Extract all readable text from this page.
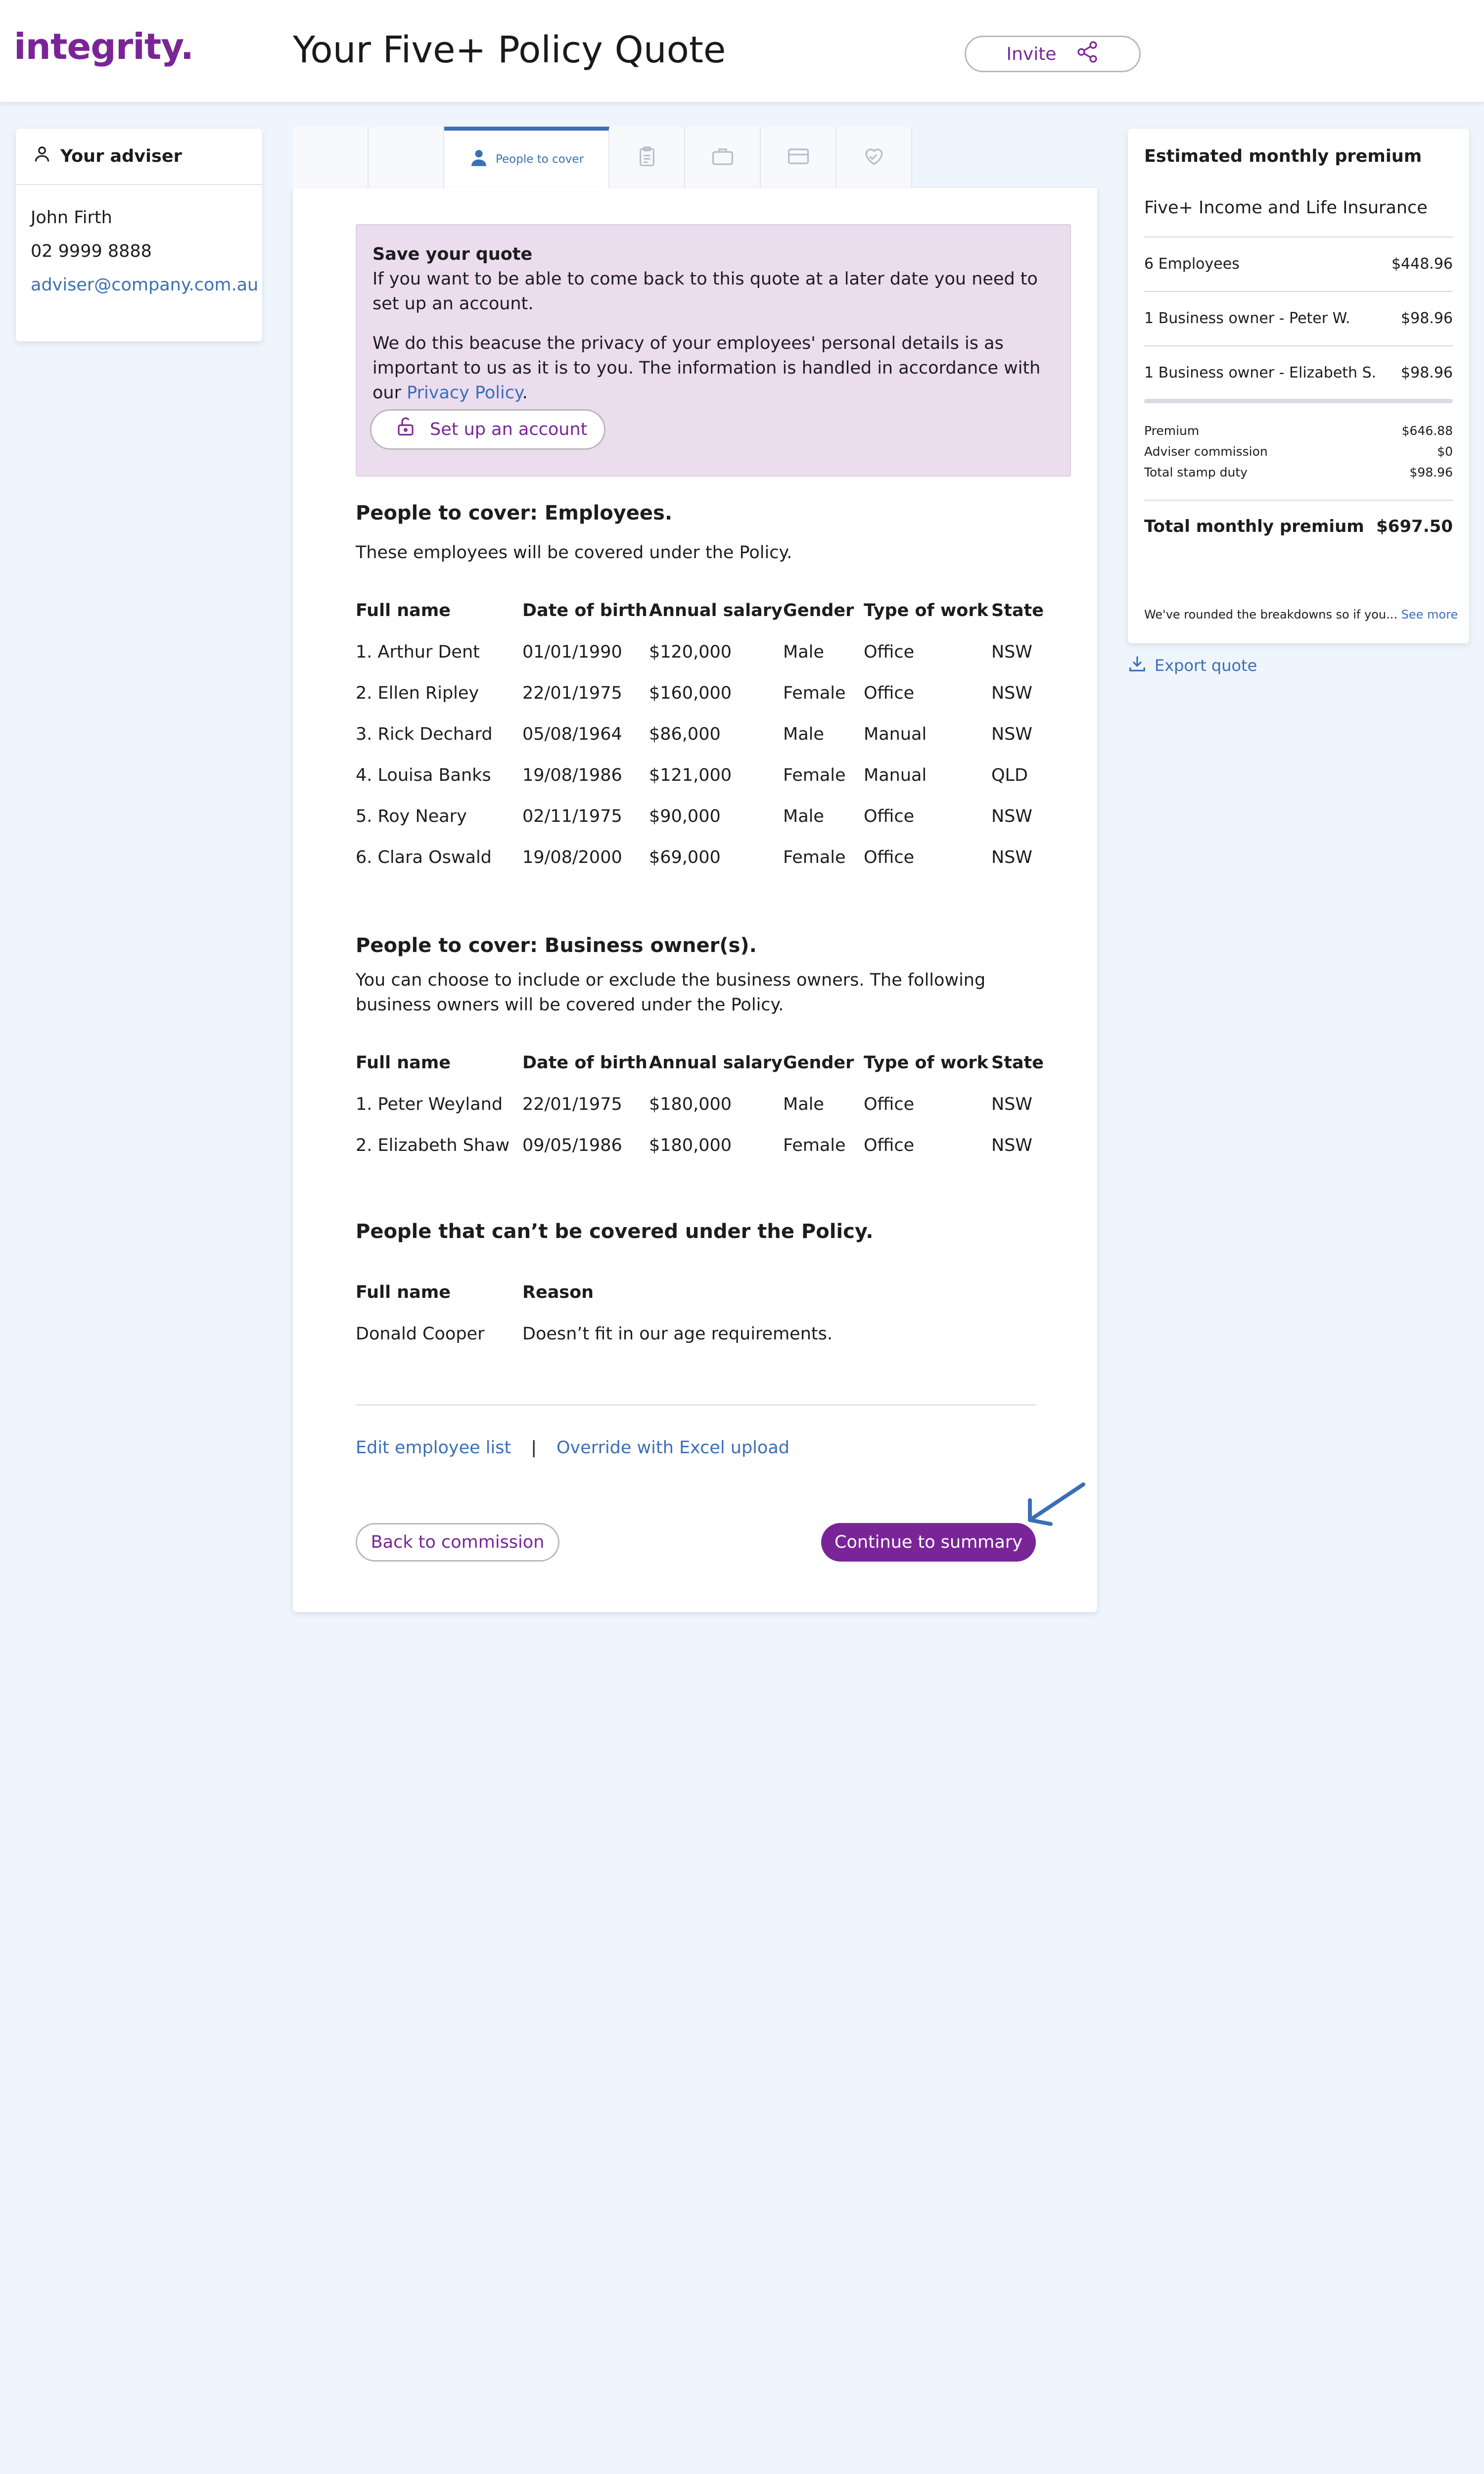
integrity.	Your Five+ Policy Quote	Invite
Your adviser
John Firth
02 9999 8888
adviser@company.com.au
People to cover
Save your quote

If you want to be able to come back to this quote at a later date you need to set up an account.

We do this beacuse the privacy of your employees' personal details is as important to us as it is to you. The information is handled in accordance with our Privacy Policy.

Set up an account
People to cover: Employees.
These employees will be covered under the Policy.
Full name	Date of birth	Annual salary	Gender	Type of work	State
1. Arthur Dent	01/01/1990	$120,000	Male	Office	NSW
2. Ellen Ripley	22/01/1975	$160,000	Female	Office	NSW
3. Rick Dechard	05/08/1964	$86,000	Male	Manual	NSW
4. Louisa Banks	19/08/1986	$121,000	Female	Manual	QLD
5. Roy Neary	02/11/1975	$90,000	Male	Office	NSW
6. Clara Oswald	19/08/2000	$69,000	Female	Office	NSW
People to cover: Business owner(s).
You can choose to include or exclude the business owners. The following business owners will be covered under the Policy.
Full name	Date of birth	Annual salary	Gender	Type of work	State
1. Peter Weyland	22/01/1975	$180,000	Male	Office	NSW
2. Elizabeth Shaw	09/05/1986	$180,000	Female	Office	NSW
People that can’t be covered under the Policy.
Full name	Reason
Donald Cooper	Doesn’t fit in our age requirements.
Edit employee list | Override with Excel upload
Back to commission	Continue to summary
Estimated monthly premium
Five+ Income and Life Insurance
6 Employees	$448.96
1 Business owner - Peter W.	$98.96
1 Business owner - Elizabeth S. $98.96
Premium	$646.88
Adviser commission	$0
Total stamp duty	$98.96
Total monthly premium $697.50
We've rounded the breakdowns so if you... See more
Export quote
